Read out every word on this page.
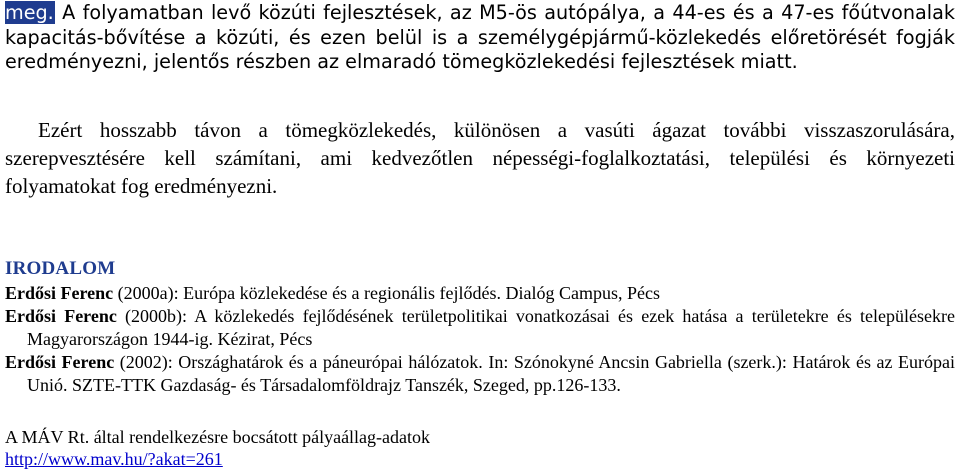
meg. A folyamatban levő közúti fejlesztések, az M5-ös autópálya, a 44-es és a 47-es főútvonalak kapacitás-bővítése a közúti, és ezen belül is a személygépjármű-közlekedés előretörését fogják eredményezni, jelentős részben az elmaradó tömegközlekedési fejlesztések miatt.

Ezért hosszabb távon a tömegközlekedés, különösen a vasúti ágazat további visszaszorulására, szerepvesztésére kell számítani, ami kedvezőtlen népességi-foglalkoztatási, települési és környezeti folyamatokat fog eredményezni.

IRODALOM
Erdősi Ferenc (2000a): Európa közlekedése és a regionális fejlődés. Dialóg Campus, Pécs
Erdősi Ferenc (2000b): A közlekedés fejlődésének területpolitikai vonatkozásai és ezek hatása a területekre és településekre Magyarországon 1944-ig. Kézirat, Pécs
Erdősi Ferenc (2002): Országhatárok és a páneurópai hálózatok. In: Szónokyné Ancsin Gabriella (szerk.): Határok és az Európai Unió. SZTE-TTK Gazdaság- és Társadalomföldrajz Tanszék, Szeged, pp.126-133.

A MÁV Rt. által rendelkezésre bocsátott pályaállag-adatok

http://www.mav.hu/?akat=261
